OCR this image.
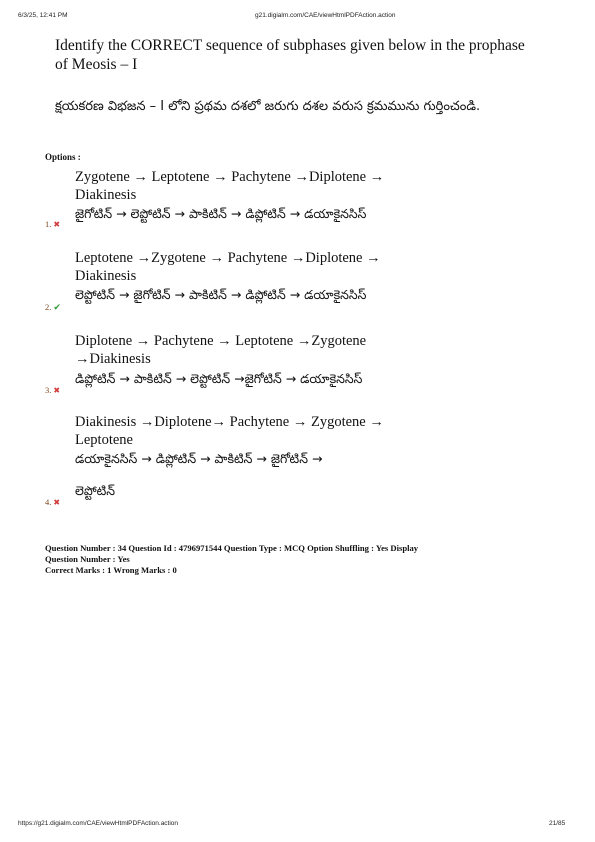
6/3/25, 12:41 PM	g21.digialm.com/CAE/viewHtmlPDFAction.action

Identify the CORRECT sequence of subphases given below in the prophase of Meosis – I

క్షయకరణ విభజన – I లోని ప్రథమ దశలో జరుగు దశల వరుస క్రమమును గుర్తించండి.

Options :

Zygotene → Leptotene → Pachytene →Diplotene → Diakinesis

జైగోటిన్ → లెప్టోటిన్ → పాకిటిన్ → డిప్లోటిన్ → డయాకైనసిస్

1. ✖

Leptotene →Zygotene → Pachytene →Diplotene → Diakinesis

లెప్టోటిన్ → జైగోటిన్ → పాకిటిన్ → డిప్లోటిన్ → డయాకైనసిస్

2. ✔

Diplotene → Pachytene → Leptotene →Zygotene →Diakinesis

డిప్లోటిన్ → పాకిటిన్ → లెప్టోటిన్ →జైగోటిన్ → డయాకైనసిస్

3. ✖

Diakinesis →Diplotene→ Pachytene → Zygotene → Leptotene

డయాకైనసిస్ → డిప్లోటిన్ → పాకిటిన్ → జైగోటిన్ →

లెప్టోటిన్

4. ✖
Question Number : 34 Question Id : 4796971544 Question Type : MCQ Option Shuffling : Yes Display
Question Number : Yes
Correct Marks : 1 Wrong Marks : 0
https://g21.digialm.com/CAE/viewHtmlPDFAction.action	21/85
